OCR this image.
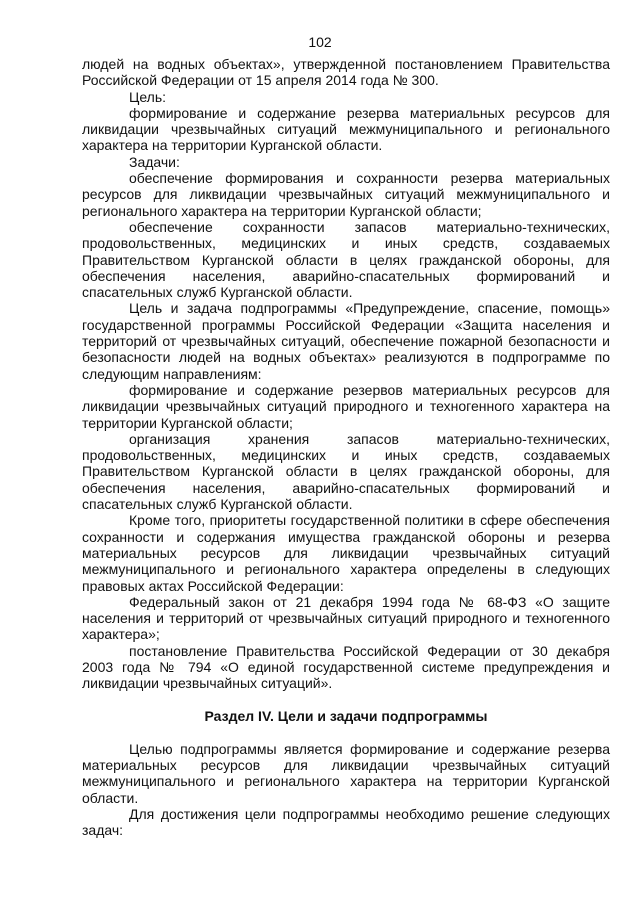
102

людей на водных объектах», утвержденной постановлением Правительства Российской Федерации от 15 апреля 2014 года № 300.

Цель:

формирование и содержание резерва материальных ресурсов для ликвидации чрезвычайных ситуаций межмуниципального и регионального характера на территории Курганской области.

Задачи:

обеспечение формирования и сохранности резерва материальных ресурсов для ликвидации чрезвычайных ситуаций межмуниципального и регионального характера на территории Курганской области;

обеспечение сохранности запасов материально-технических, продовольственных, медицинских и иных средств, создаваемых Правительством Курганской области в целях гражданской обороны, для обеспечения населения, аварийно-спасательных формирований и спасательных служб Курганской области.

Цель и задача подпрограммы «Предупреждение, спасение, помощь» государственной программы Российской Федерации «Защита населения и территорий от чрезвычайных ситуаций, обеспечение пожарной безопасности и безопасности людей на водных объектах» реализуются в подпрограмме по следующим направлениям:

формирование и содержание резервов материальных ресурсов для ликвидации чрезвычайных ситуаций природного и техногенного характера на территории Курганской области;

организация хранения запасов материально-технических, продовольственных, медицинских и иных средств, создаваемых Правительством Курганской области в целях гражданской обороны, для обеспечения населения, аварийно-спасательных формирований и спасательных служб Курганской области.

Кроме того, приоритеты государственной политики в сфере обеспечения сохранности и содержания имущества гражданской обороны и резерва материальных ресурсов для ликвидации чрезвычайных ситуаций межмуниципального и регионального характера определены в следующих правовых актах Российской Федерации:

Федеральный закон от 21 декабря 1994 года № 68-ФЗ «О защите населения и территорий от чрезвычайных ситуаций природного и техногенного характера»;

постановление Правительства Российской Федерации от 30 декабря 2003 года № 794 «О единой государственной системе предупреждения и ликвидации чрезвычайных ситуаций».

Раздел IV. Цели и задачи подпрограммы

Целью подпрограммы является формирование и содержание резерва материальных ресурсов для ликвидации чрезвычайных ситуаций межмуниципального и регионального характера на территории Курганской области.

Для достижения цели подпрограммы необходимо решение следующих задач:
